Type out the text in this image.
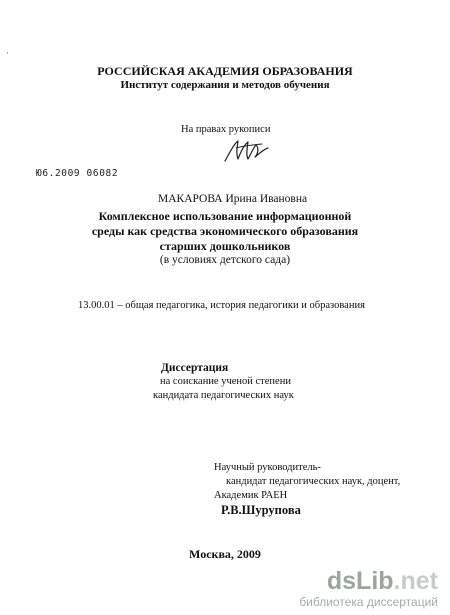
·
РОССИЙСКАЯ АКАДЕМИЯ ОБРАЗОВАНИЯ
Институт содержания и методов обучения
На правах рукописи
Ю6.2009 06082
МАКАРОВА Ирина Ивановна
Комплексное использование информационной
среды как средства экономического образования
старших дошкольников
(в условиях детского сада)
13.00.01 – общая педагогика, история педагогики и образования
Диссертация
на соискание ученой степени
кандидата педагогических наук
Научный руководитель-
кандидат педагогических наук, доцент,
Академик РАЕН
Р.В.Шурупова
Москва, 2009
dsLib.net
библиотека диссертаций
